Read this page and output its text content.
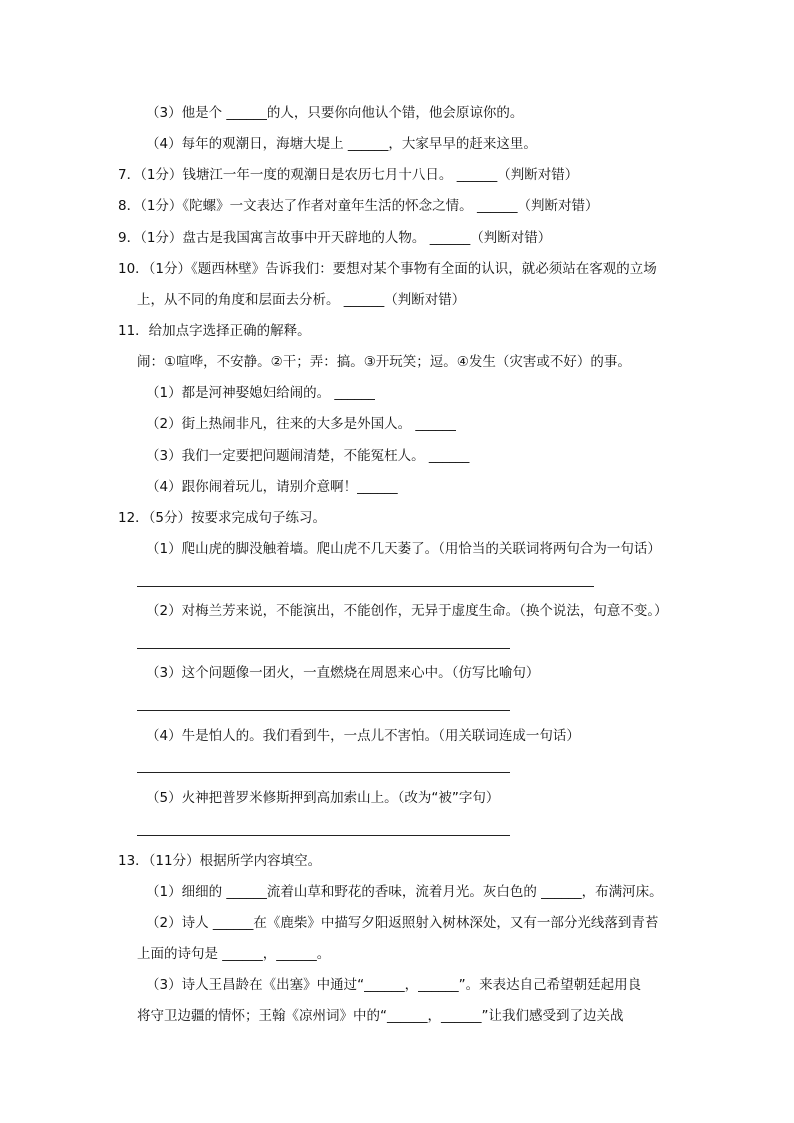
（3）他是个 ______的人，只要你向他认个错，他会原谅你的。
（4）每年的观潮日，海塘大堤上 ______，大家早早的赶来这里。
7．（1分）钱塘江一年一度的观潮日是农历七月十八日。 ______（判断对错）
8．（1分）《陀螺》一文表达了作者对童年生活的怀念之情。 ______（判断对错）
9．（1分）盘古是我国寓言故事中开天辟地的人物。 ______（判断对错）
10．（1分）《题西林壁》告诉我们：要想对某个事物有全面的认识，就必须站在客观的立场
上，从不同的角度和层面去分析。 ______（判断对错）
11．给加点字选择正确的解释。
闹：①喧哗，不安静。②干；弄：搞。③开玩笑；逗。④发生（灾害或不好）的事。
（1）都是河神娶媳妇给闹的。 ______
（2）街上热闹非凡，往来的大多是外国人。 ______
（3）我们一定要把问题闹清楚，不能冤枉人。 ______
（4）跟你闹着玩儿，请别介意啊！______
12．（5分）按要求完成句子练习。
（1）爬山虎的脚没触着墙。爬山虎不几天萎了。（用恰当的关联词将两句合为一句话）
（2）对梅兰芳来说，不能演出，不能创作，无异于虚度生命。（换个说法，句意不变。）
（3）这个问题像一团火，一直燃烧在周恩来心中。（仿写比喻句）
（4）牛是怕人的。我们看到牛，一点儿不害怕。（用关联词连成一句话）
（5）火神把普罗米修斯押到高加索山上。（改为“被”字句）
13．（11分）根据所学内容填空。
（1）细细的 ______流着山草和野花的香味，流着月光。灰白色的 ______，布满河床。
（2）诗人 ______在《鹿柴》中描写夕阳返照射入树林深处，又有一部分光线落到青苔
上面的诗句是 ______，______。
（3）诗人王昌龄在《出塞》中通过“______，______”。来表达自己希望朝廷起用良
将守卫边疆的情怀；王翰《凉州词》中的“______，______”让我们感受到了边关战
